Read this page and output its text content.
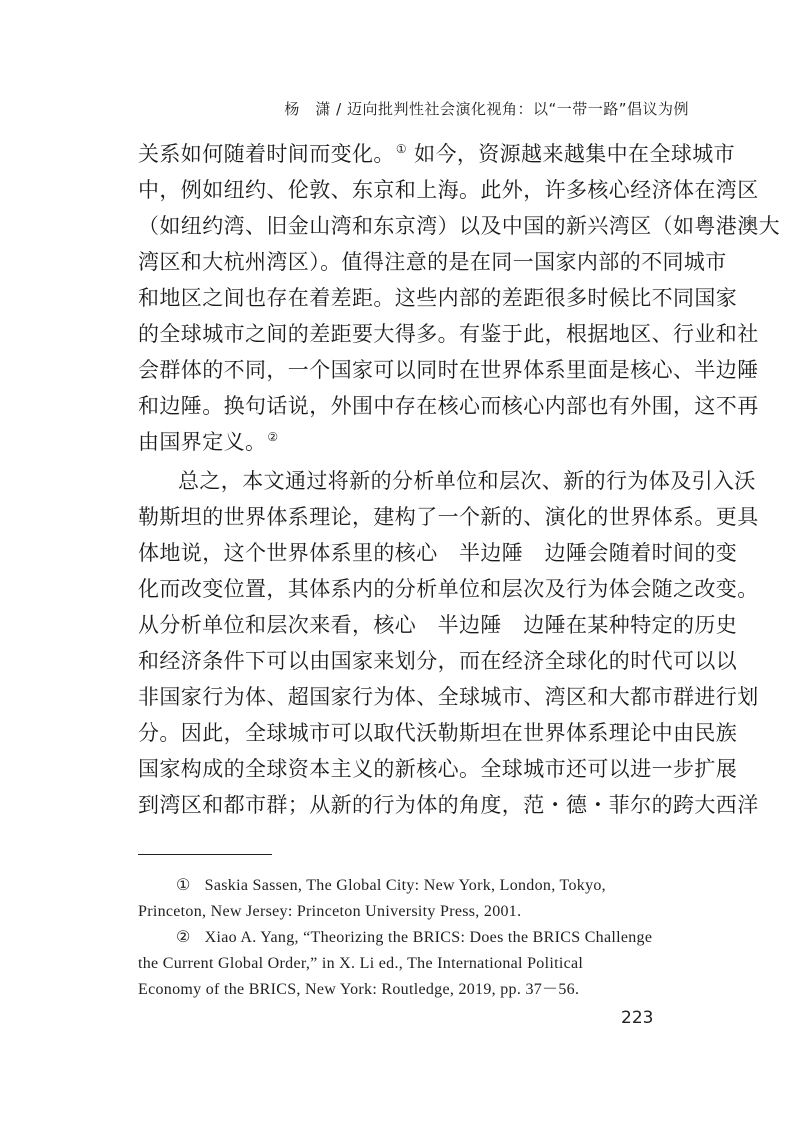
杨　潇 / 迈向批判性社会演化视角：以“一带一路”倡议为例
关系如何随着时间而变化。① 如今，资源越来越集中在全球城市
中，例如纽约、伦敦、东京和上海。此外，许多核心经济体在湾区
（如纽约湾、旧金山湾和东京湾）以及中国的新兴湾区（如粤港澳大
湾区和大杭州湾区）。值得注意的是在同一国家内部的不同城市
和地区之间也存在着差距。这些内部的差距很多时候比不同国家
的全球城市之间的差距要大得多。有鉴于此，根据地区、行业和社
会群体的不同，一个国家可以同时在世界体系里面是核心、半边陲
和边陲。换句话说，外围中存在核心而核心内部也有外围，这不再
由国界定义。②
总之，本文通过将新的分析单位和层次、新的行为体及引入沃
勒斯坦的世界体系理论，建构了一个新的、演化的世界体系。更具
体地说，这个世界体系里的核心　半边陲　边陲会随着时间的变
化而改变位置，其体系内的分析单位和层次及行为体会随之改变。
从分析单位和层次来看，核心　半边陲　边陲在某种特定的历史
和经济条件下可以由国家来划分，而在经济全球化的时代可以以
非国家行为体、超国家行为体、全球城市、湾区和大都市群进行划
分。因此，全球城市可以取代沃勒斯坦在世界体系理论中由民族
国家构成的全球资本主义的新核心。全球城市还可以进一步扩展
到湾区和都市群；从新的行为体的角度，范・德・菲尔的跨大西洋
① Saskia Sassen, The Global City: New York, London, Tokyo,
Princeton, New Jersey: Princeton University Press, 2001.
② Xiao A. Yang, “Theorizing the BRICS: Does the BRICS Challenge
the Current Global Order,” in X. Li ed., The International Political
Economy of the BRICS, New York: Routledge, 2019, pp. 37－56.
223
